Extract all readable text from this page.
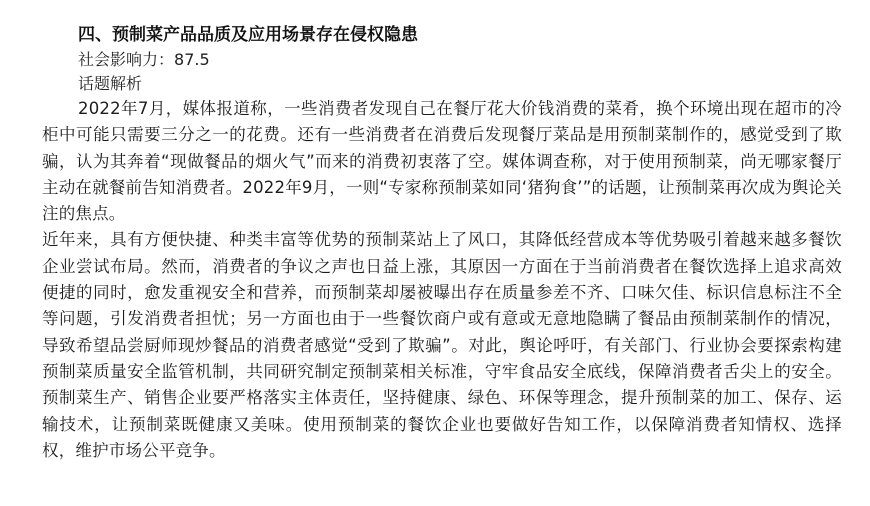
四、预制菜产品品质及应用场景存在侵权隐患

社会影响力：87.5

话题解析

2022年7月，媒体报道称，一些消费者发现自己在餐厅花大价钱消费的菜肴，换个环境出现在超市的冷柜中可能只需要三分之一的花费。还有一些消费者在消费后发现餐厅菜品是用预制菜制作的，感觉受到了欺骗，认为其奔着“现做餐品的烟火气”而来的消费初衷落了空。媒体调查称，对于使用预制菜，尚无哪家餐厅主动在就餐前告知消费者。2022年9月，一则“专家称预制菜如同‘猪狗食’”的话题，让预制菜再次成为舆论关注的焦点。

近年来，具有方便快捷、种类丰富等优势的预制菜站上了风口，其降低经营成本等优势吸引着越来越多餐饮企业尝试布局。然而，消费者的争议之声也日益上涨，其原因一方面在于当前消费者在餐饮选择上追求高效便捷的同时，愈发重视安全和营养，而预制菜却屡被曝出存在质量参差不齐、口味欠佳、标识信息标注不全等问题，引发消费者担忧；另一方面也由于一些餐饮商户或有意或无意地隐瞒了餐品由预制菜制作的情况，导致希望品尝厨师现炒餐品的消费者感觉“受到了欺骗”。对此，舆论呼吁，有关部门、行业协会要探索构建预制菜质量安全监管机制，共同研究制定预制菜相关标准，守牢食品安全底线，保障消费者舌尖上的安全。预制菜生产、销售企业要严格落实主体责任，坚持健康、绿色、环保等理念，提升预制菜的加工、保存、运输技术，让预制菜既健康又美味。使用预制菜的餐饮企业也要做好告知工作，以保障消费者知情权、选择权，维护市场公平竞争。
